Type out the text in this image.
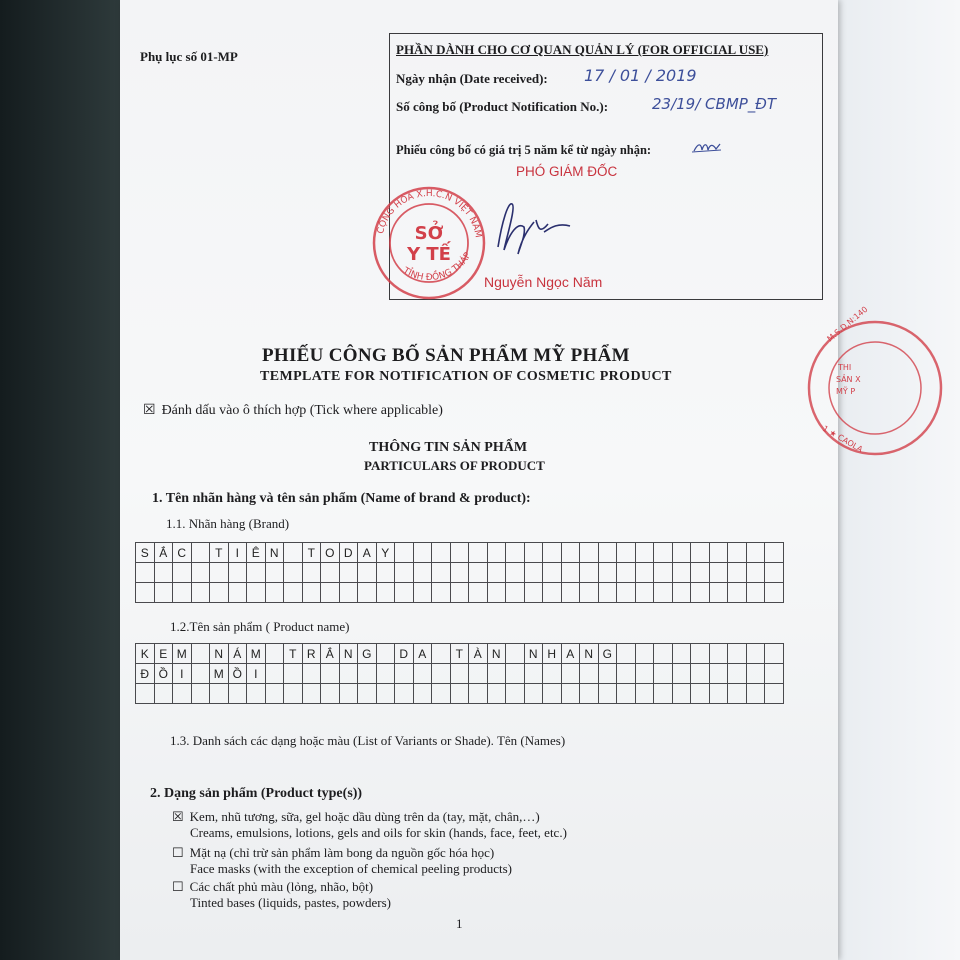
Phụ lục số 01-MP	PHẦN DÀNH CHO CƠ QUAN QUẢN LÝ (FOR OFFICIAL USE)
Ngày nhận (Date received): 17 / 01 / 2019
Số công bố (Product Notification No.):	23/19/ CBMP_ĐT
Phiếu công bố có giá trị 5 năm kể từ ngày nhận:
PHÓ GIÁM ĐỐC
Nguyễn Ngọc Năm
CỘNG HÒA X.H.C.N VIỆT NAM
TỈNH ĐỒNG THÁP
SỞ
Y TẾ
M.S.D.N:140
THI
SẢN X
MỸ P
1 ★ CAOLA
PHIẾU CÔNG BỐ SẢN PHẨM MỸ PHẨM
TEMPLATE FOR NOTIFICATION OF COSMETIC PRODUCT
☒ Đánh dấu vào ô thích hợp (Tick where applicable)
THÔNG TIN SẢN PHẨM
PARTICULARS OF PRODUCT
1. Tên nhãn hàng và tên sản phẩm (Name of brand & product):
1.1. Nhãn hàng (Brand)
S	Ắ	C		T	I	Ê	N		T	O	D	A	Y																					

1.2.Tên sản phẩm ( Product name)
K	E	M		N	Á	M		T	R	Ắ	N	G		D	A		T	À	N		N	H	A	N	G									
Đ	Ồ	I		M	Ồ	I																												

1.3. Danh sách các dạng hoặc màu (List of Variants or Shade). Tên (Names)
2. Dạng sản phẩm (Product type(s))
☒ Kem, nhũ tương, sữa, gel hoặc dầu dùng trên da (tay, mặt, chân,…)
Creams, emulsions, lotions, gels and oils for skin (hands, face, feet, etc.)
☐ Mặt nạ (chỉ trừ sản phẩm làm bong da nguồn gốc hóa học)
Face masks (with the exception of chemical peeling products)
☐ Các chất phủ màu (lỏng, nhão, bột)
Tinted bases (liquids, pastes, powders)
1
